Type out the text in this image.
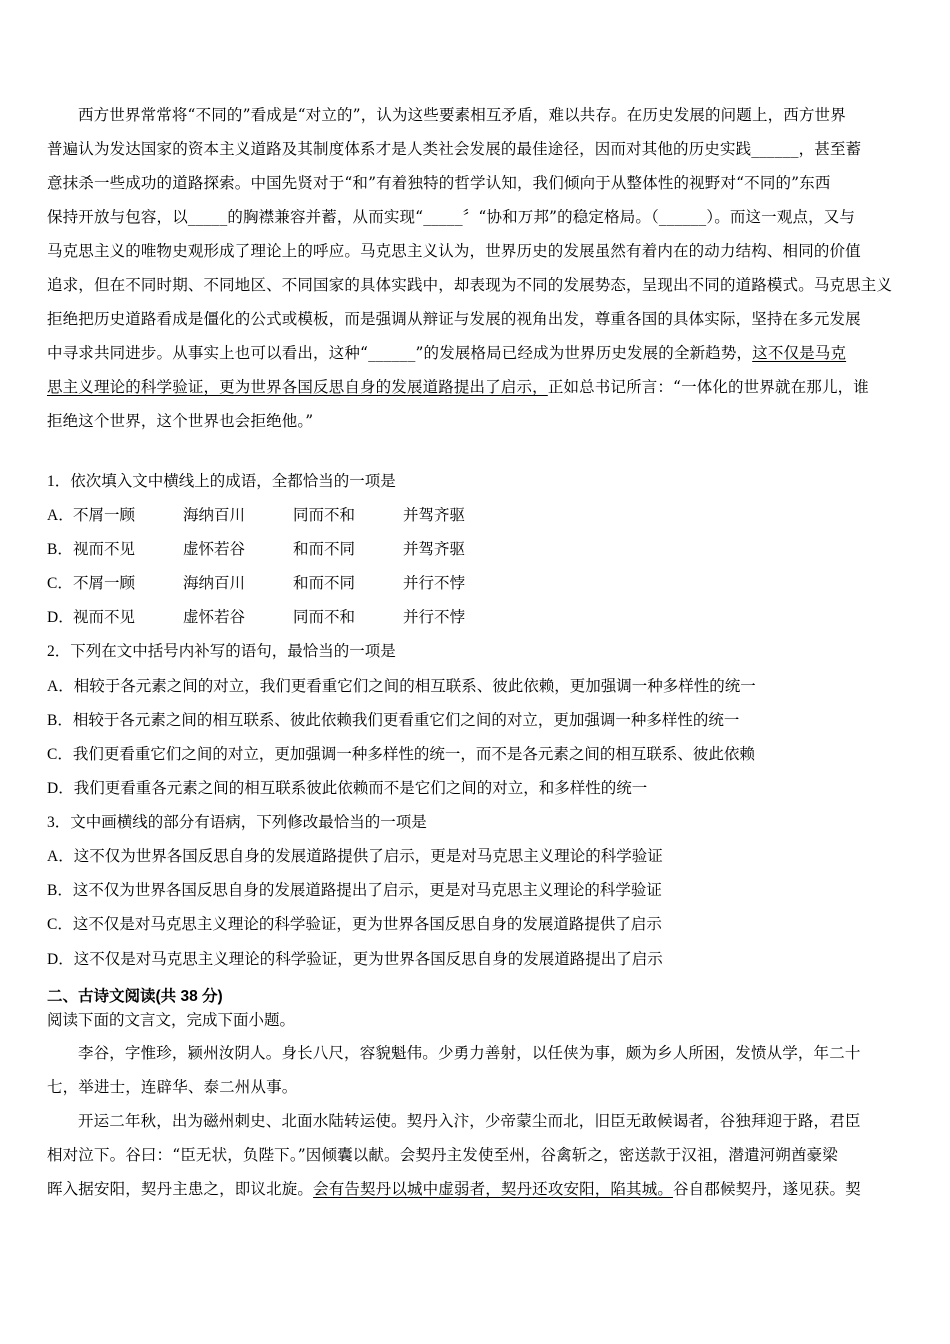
西方世界常常将“不同的”看成是“对立的”，认为这些要素相互矛盾，难以共存。在历史发展的问题上，西方世界

普遍认为发达国家的资本主义道路及其制度体系才是人类社会发展的最佳途径，因而对其他的历史实践______，甚至蓄

意抹杀一些成功的道路探索。中国先贤对于“和”有着独特的哲学认知，我们倾向于从整体性的视野对“不同的”东西

保持开放与包容，以_____的胸襟兼容并蓄，从而实现“_____〞“协和万邦”的稳定格局。（______）。而这一观点，又与

马克思主义的唯物史观形成了理论上的呼应。马克思主义认为，世界历史的发展虽然有着内在的动力结构、相同的价值

追求，但在不同时期、不同地区、不同国家的具体实践中，却表现为不同的发展势态，呈现出不同的道路模式。马克思主义

拒绝把历史道路看成是僵化的公式或模板，而是强调从辩证与发展的视角出发，尊重各国的具体实际，坚持在多元发展

中寻求共同进步。从事实上也可以看出，这种“______”的发展格局已经成为世界历史发展的全新趋势，这不仅是马克

思主义理论的科学验证，更为世界各国反思自身的发展道路提出了启示，正如总书记所言：“一体化的世界就在那儿，谁

拒绝这个世界，这个世界也会拒绝他。”

1．依次填入文中横线上的成语，全都恰当的一项是
A．不屑一顾	海纳百川	同而不和	并驾齐驱
B．视而不见	虚怀若谷	和而不同	并驾齐驱
C．不屑一顾	海纳百川	和而不同	并行不悖
D．视而不见	虚怀若谷	同而不和	并行不悖
2．下列在文中括号内补写的语句，最恰当的一项是
A．相较于各元素之间的对立，我们更看重它们之间的相互联系、彼此依赖，更加强调一种多样性的统一
B．相较于各元素之间的相互联系、彼此依赖我们更看重它们之间的对立，更加强调一种多样性的统一
C．我们更看重它们之间的对立，更加强调一种多样性的统一，而不是各元素之间的相互联系、彼此依赖
D．我们更看重各元素之间的相互联系彼此依赖而不是它们之间的对立，和多样性的统一
3．文中画横线的部分有语病，下列修改最恰当的一项是
A．这不仅为世界各国反思自身的发展道路提供了启示，更是对马克思主义理论的科学验证
B．这不仅为世界各国反思自身的发展道路提出了启示，更是对马克思主义理论的科学验证
C．这不仅是对马克思主义理论的科学验证，更为世界各国反思自身的发展道路提供了启示
D．这不仅是对马克思主义理论的科学验证，更为世界各国反思自身的发展道路提出了启示
二、古诗文阅读(共 38 分)
阅读下面的文言文，完成下面小题。

李谷，字惟珍，颍州汝阴人。身长八尺，容貌魁伟。少勇力善射，以任侠为事，颇为乡人所困，发愤从学，年二十

七，举进士，连辟华、泰二州从事。

开运二年秋，出为磁州刺史、北面水陆转运使。契丹入汴，少帝蒙尘而北，旧臣无敢候谒者，谷独拜迎于路，君臣

相对泣下。谷曰：“臣无状，负陛下。”因倾囊以献。会契丹主发使至州，谷禽斩之，密送款于汉祖，潜遣河朔酋豪梁

晖入据安阳，契丹主患之，即议北旋。会有告契丹以城中虚弱者，契丹还攻安阳，陷其城。谷自郡候契丹，遂见获。契
